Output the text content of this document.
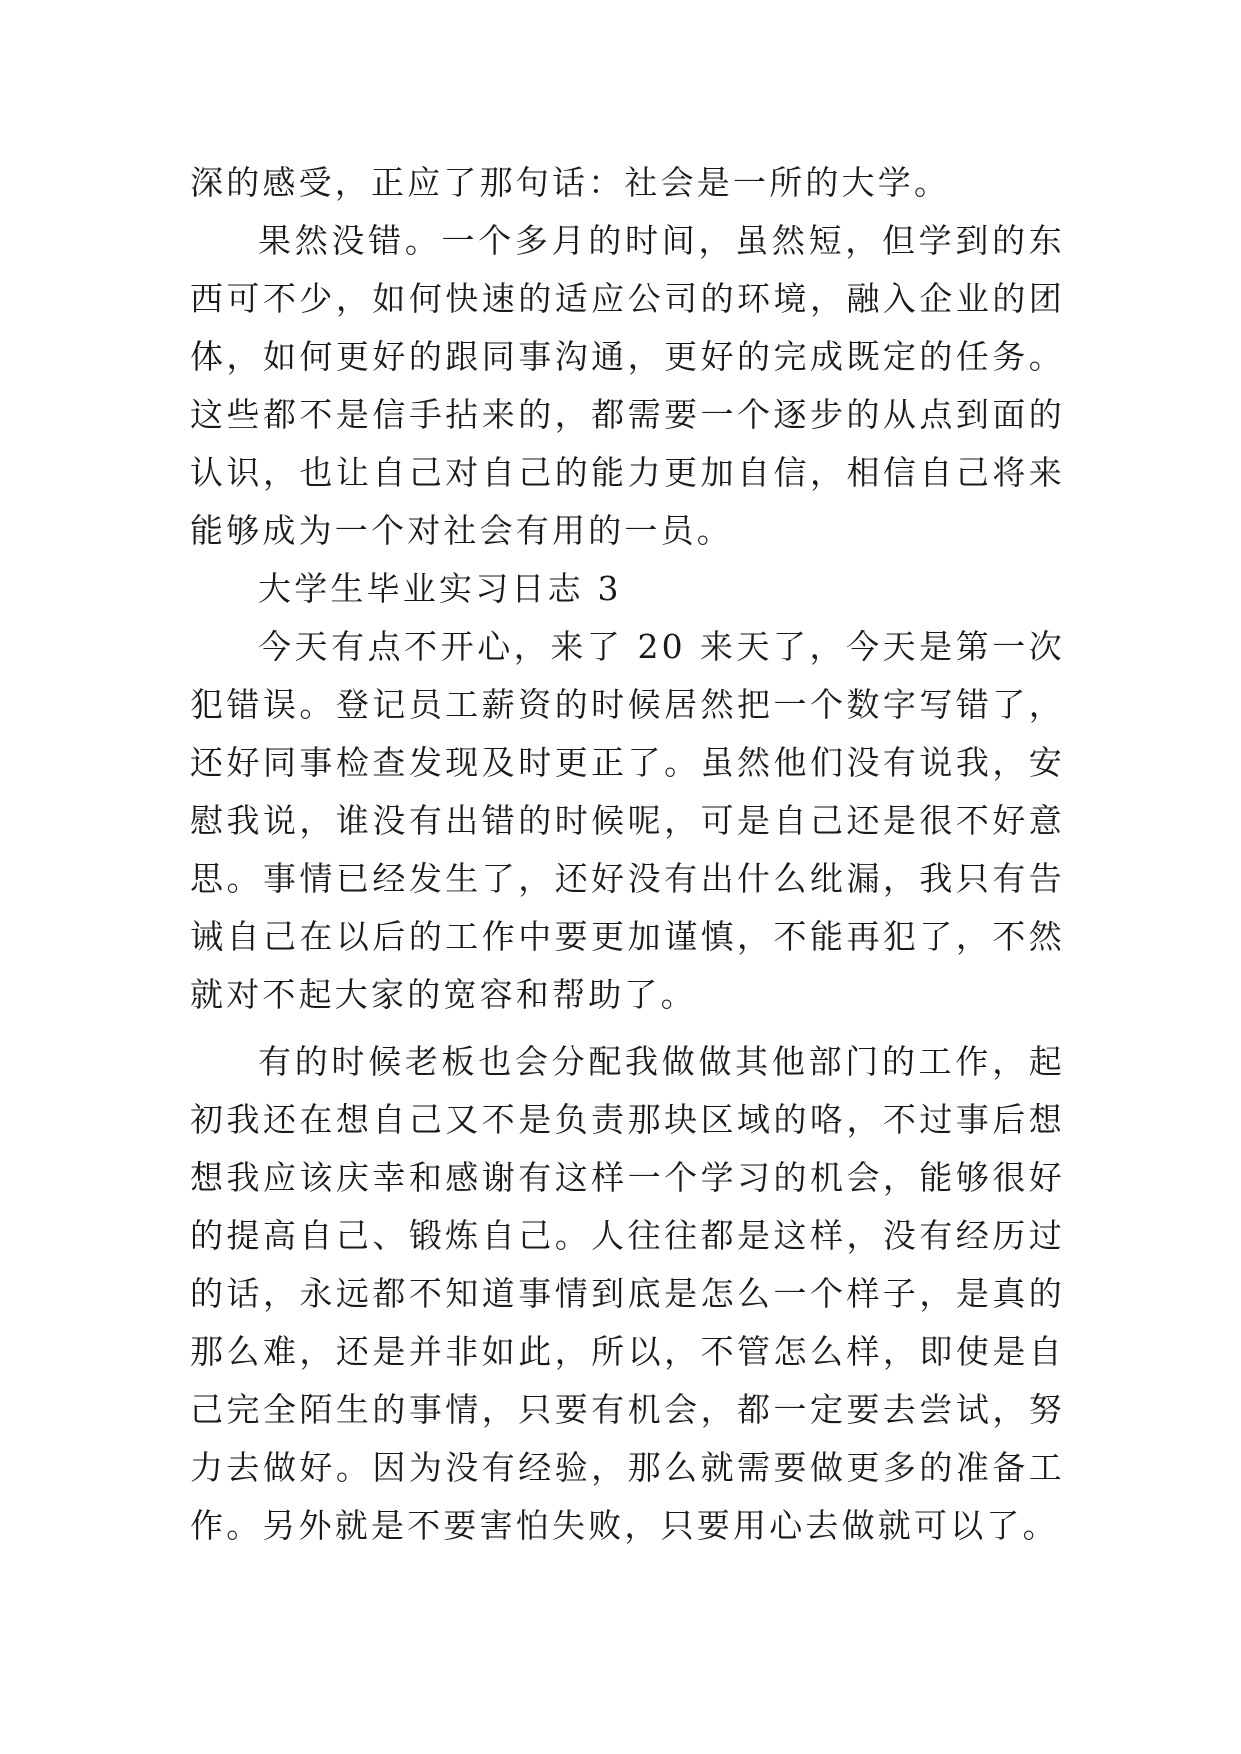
深的感受，正应了那句话：社会是一所的大学。

果然没错。一个多月的时间，虽然短，但学到的东西可不少，如何快速的适应公司的环境，融入企业的团体，如何更好的跟同事沟通，更好的完成既定的任务。这些都不是信手拈来的，都需要一个逐步的从点到面的认识，也让自己对自己的能力更加自信，相信自己将来能够成为一个对社会有用的一员。

大学生毕业实习日志 3

今天有点不开心，来了 20 来天了，今天是第一次犯错误。登记员工薪资的时候居然把一个数字写错了，还好同事检查发现及时更正了。虽然他们没有说我，安慰我说，谁没有出错的时候呢，可是自己还是很不好意思。事情已经发生了，还好没有出什么纰漏，我只有告诫自己在以后的工作中要更加谨慎，不能再犯了，不然就对不起大家的宽容和帮助了。

有的时候老板也会分配我做做其他部门的工作，起初我还在想自己又不是负责那块区域的咯，不过事后想想我应该庆幸和感谢有这样一个学习的机会，能够很好的提高自己、锻炼自己。人往往都是这样，没有经历过的话，永远都不知道事情到底是怎么一个样子，是真的那么难，还是并非如此，所以，不管怎么样，即使是自己完全陌生的事情，只要有机会，都一定要去尝试，努力去做好。因为没有经验，那么就需要做更多的准备工作。另外就是不要害怕失败，只要用心去做就可以了。
